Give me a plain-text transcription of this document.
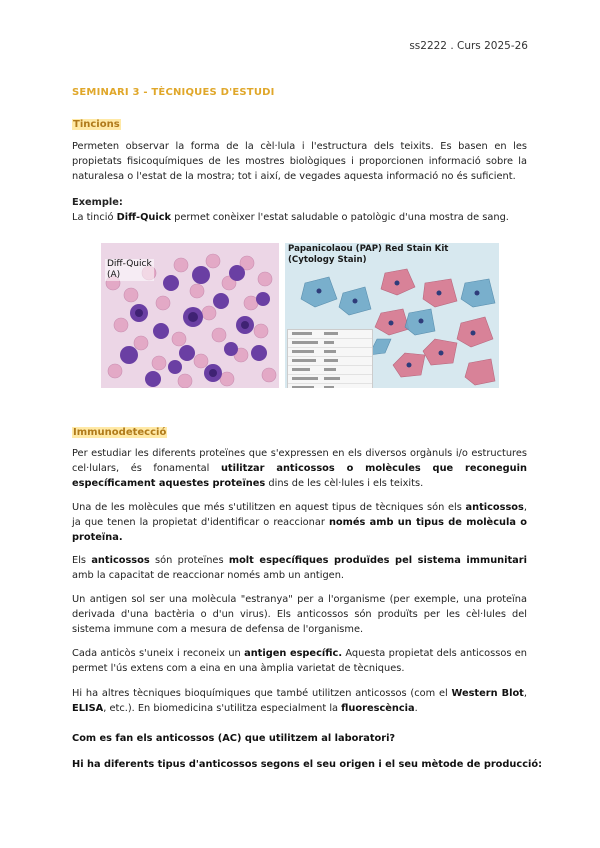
ss2222 . Curs 2025-26
SEMINARI 3 - TÈCNIQUES D'ESTUDI
Tincions
Permeten observar la forma de la cèl·lula i l'estructura dels teixits. Es basen en les propietats fisicoquímiques de les mostres biològiques i proporcionen informació sobre la naturalesa o l'estat de la mostra; tot i així, de vegades aquesta informació no és suficient.
Exemple:
La tinció Diff-Quick permet conèixer l'estat saludable o patològic d'una mostra de sang.
Diff-Quick
(A)
Papanicolaou (PAP) Red Stain Kit
(Cytology Stain)
Immunodetecció
Per estudiar les diferents proteïnes que s'expressen en els diversos orgànuls i/o estructures cel·lulars, és fonamental utilitzar anticossos o molècules que reconeguin específicament aquestes proteïnes dins de les cèl·lules i els teixits.
Una de les molècules que més s'utilitzen en aquest tipus de tècniques són els anticossos, ja que tenen la propietat d'identificar o reaccionar només amb un tipus de molècula o proteïna.
Els anticossos són proteïnes molt específiques produïdes pel sistema immunitari amb la capacitat de reaccionar només amb un antigen.
Un antigen sol ser una molècula "estranya" per a l'organisme (per exemple, una proteïna derivada d'una bactèria o d'un virus). Els anticossos són produïts per les cèl·lules del sistema immune com a mesura de defensa de l'organisme.
Cada anticòs s'uneix i reconeix un antigen específic. Aquesta propietat dels anticossos en permet l'ús extens com a eina en una àmplia varietat de tècniques.
Hi ha altres tècniques bioquímiques que també utilitzen anticossos (com el Western Blot, ELISA, etc.). En biomedicina s'utilitza especialment la fluorescència.
Com es fan els anticossos (AC) que utilitzem al laboratori?
Hi ha diferents tipus d'anticossos segons el seu origen i el seu mètode de producció:
